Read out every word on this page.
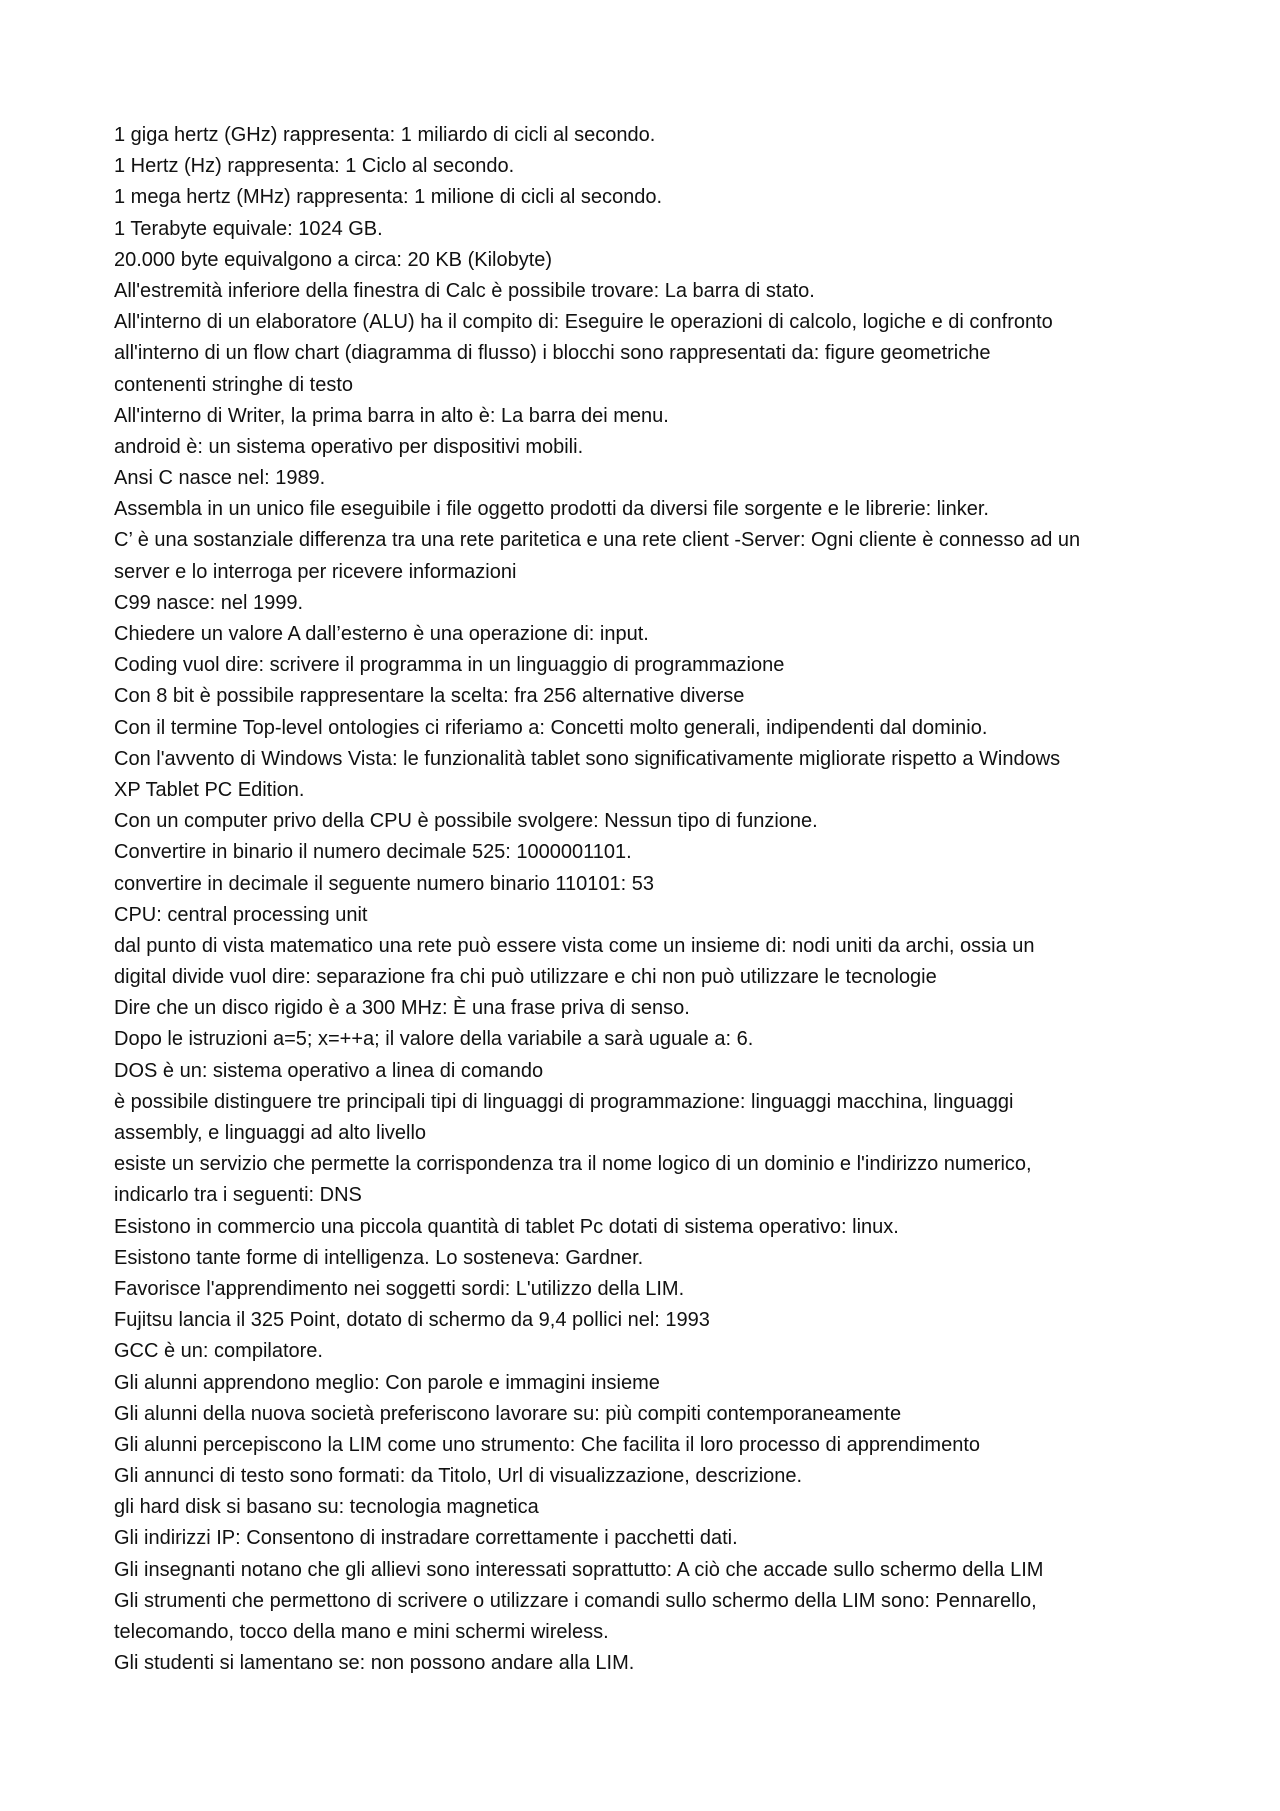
1 giga hertz (GHz) rappresenta: 1 miliardo di cicli al secondo.
1 Hertz (Hz) rappresenta: 1 Ciclo al secondo.
1 mega hertz (MHz) rappresenta: 1 milione di cicli al secondo.
1 Terabyte equivale: 1024 GB.
20.000 byte equivalgono a circa: 20 KB (Kilobyte)
All'estremità inferiore della finestra di Calc è possibile trovare: La barra di stato.
All'interno di un elaboratore (ALU) ha il compito di: Eseguire le operazioni di calcolo, logiche e di confronto
all'interno di un flow chart (diagramma di flusso) i blocchi sono rappresentati da: figure geometriche
contenenti stringhe di testo
All'interno di Writer, la prima barra in alto è: La barra dei menu.
android è: un sistema operativo per dispositivi mobili.
Ansi C nasce nel: 1989.
Assembla in un unico file eseguibile i file oggetto prodotti da diversi file sorgente e le librerie: linker.
C’ è una sostanziale differenza tra una rete paritetica e una rete client -Server: Ogni cliente è connesso ad un
server e lo interroga per ricevere informazioni
C99 nasce: nel 1999.
Chiedere un valore A dall’esterno è una operazione di: input.
Coding vuol dire: scrivere il programma in un linguaggio di programmazione
Con 8 bit è possibile rappresentare la scelta: fra 256 alternative diverse
Con il termine Top-level ontologies ci riferiamo a: Concetti molto generali, indipendenti dal dominio.
Con l'avvento di Windows Vista: le funzionalità tablet sono significativamente migliorate rispetto a Windows
XP Tablet PC Edition.
Con un computer privo della CPU è possibile svolgere: Nessun tipo di funzione.
Convertire in binario il numero decimale 525: 1000001101.
convertire in decimale il seguente numero binario 110101: 53
CPU: central processing unit
dal punto di vista matematico una rete può essere vista come un insieme di: nodi uniti da archi, ossia un
digital divide vuol dire: separazione fra chi può utilizzare e chi non può utilizzare le tecnologie
Dire che un disco rigido è a 300 MHz: È una frase priva di senso.
Dopo le istruzioni a=5; x=++a; il valore della variabile a sarà uguale a: 6.
DOS è un: sistema operativo a linea di comando
è possibile distinguere tre principali tipi di linguaggi di programmazione: linguaggi macchina, linguaggi
assembly, e linguaggi ad alto livello
esiste un servizio che permette la corrispondenza tra il nome logico di un dominio e l'indirizzo numerico,
indicarlo tra i seguenti: DNS
Esistono in commercio una piccola quantità di tablet Pc dotati di sistema operativo: linux.
Esistono tante forme di intelligenza. Lo sosteneva: Gardner.
Favorisce l'apprendimento nei soggetti sordi: L'utilizzo della LIM.
Fujitsu lancia il 325 Point, dotato di schermo da 9,4 pollici nel: 1993
GCC è un: compilatore.
Gli alunni apprendono meglio: Con parole e immagini insieme
Gli alunni della nuova società preferiscono lavorare su: più compiti contemporaneamente
Gli alunni percepiscono la LIM come uno strumento: Che facilita il loro processo di apprendimento
Gli annunci di testo sono formati: da Titolo, Url di visualizzazione, descrizione.
gli hard disk si basano su: tecnologia magnetica
Gli indirizzi IP: Consentono di instradare correttamente i pacchetti dati.
Gli insegnanti notano che gli allievi sono interessati soprattutto: A ciò che accade sullo schermo della LIM
Gli strumenti che permettono di scrivere o utilizzare i comandi sullo schermo della LIM sono: Pennarello,
telecomando, tocco della mano e mini schermi wireless.
Gli studenti si lamentano se: non possono andare alla LIM.
